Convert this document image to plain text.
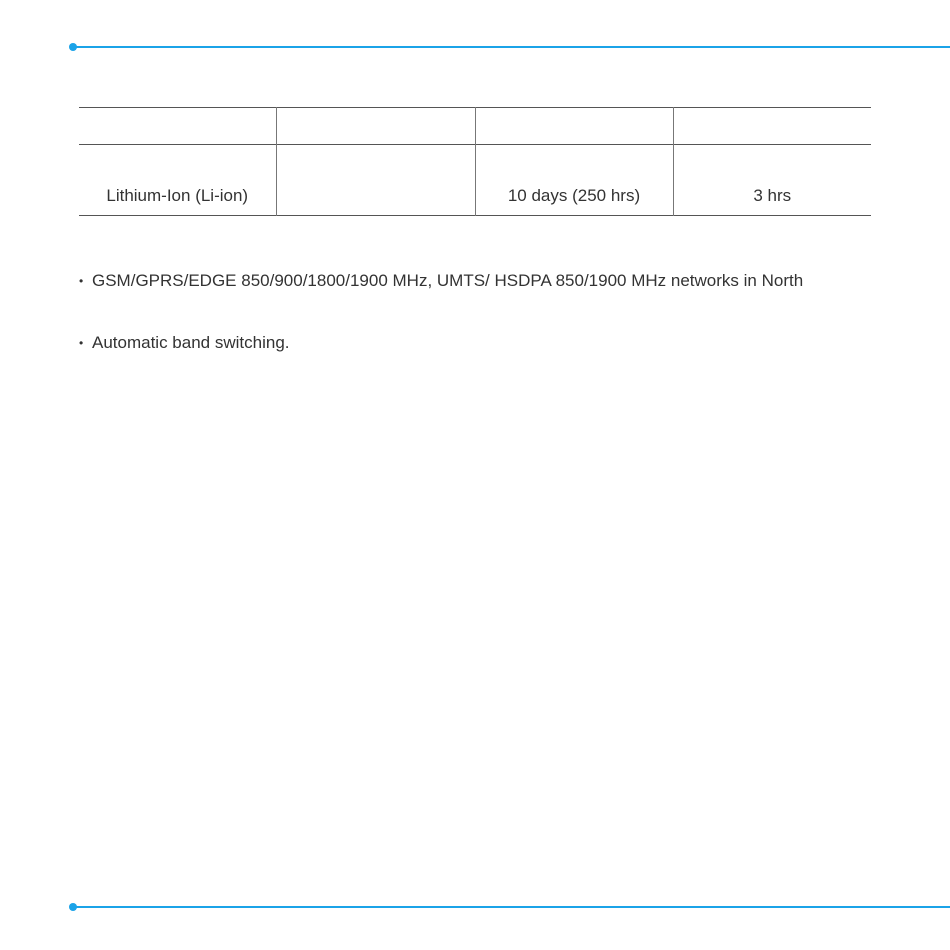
Lithium-Ion (Li-ion)		10 days (250 hrs)	3 hrs
• GSM/GPRS/EDGE 850/900/1800/1900 MHz, UMTS/ HSDPA 850/1900 MHz networks in North
• Automatic band switching.
